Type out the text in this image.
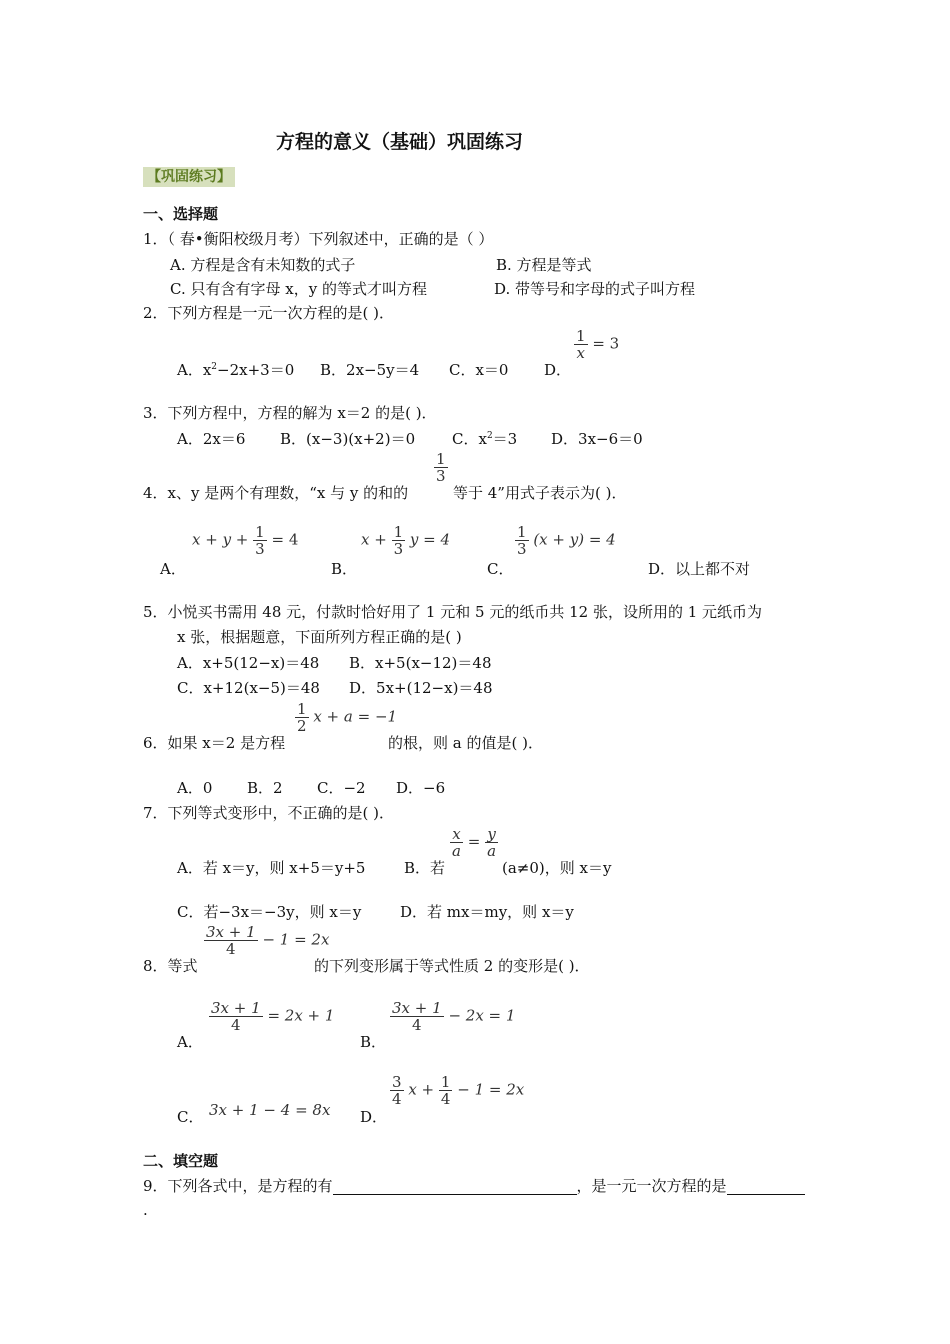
方程的意义（基础）巩固练习
【巩固练习】
一、选择题
1．（ 春•衡阳校级月考）下列叙述中，正确的是（ ）
A. 方程是含有未知数的式子	B. 方程是等式
C. 只有含有字母 x，y 的等式才叫方程	D. 带等号和字母的式子叫方程
2．下列方程是一元一次方程的是( )．
A．$x^2-2x+3=0$ B．2x−5y＝4 C．x＝0 D．
$\frac{1}{x} = 3$
3．下列方程中，方程的解为 x＝2 的是( )．
A．2x＝6 B．(x−3)(x+2)＝0 C．$x^2=3$ D．3x−6＝0
4．x、y 是两个有理数，“x 与 y 的和的
$\frac{1}{3}$
等于 4”用式子表示为( )．
A．
$x + y + \frac{1}{3} = 4$
B．
$x + \frac{1}{3}$ y = 4
C．
$\frac{1}{3} (x + y) = 4$
D．以上都不对
5．小悦买书需用 48 元，付款时恰好用了 1 元和 5 元的纸币共 12 张，设所用的 1 元纸币为
x 张，根据题意，下面所列方程正确的是( )
A．x+5(12−x)＝48 B．x+5(x−12)＝48
C．x+12(x−5)＝48 D．5x+(12−x)＝48
6．如果 x＝2 是方程
$\frac{1}{2}$ x + a = −1
的根，则 a 的值是( )．
A．0 B．2 C．−2 D．−6
7．下列等式变形中，不正确的是( )．
A．若 x＝y，则 x+5＝y+5	B．若
$\frac{x}{a} = \frac{y}{a}$
(a≠0)，则 x＝y
C．若−3x＝−3y，则 x＝y	D．若 mx＝my，则 x＝y
8．等式
$\frac{3x + 1}{4} - 1 = 2x$
的下列变形属于等式性质 2 的变形是( )．
A．
$\frac{3x + 1}{4} = 2x + 1$
B．
$\frac{3x + 1}{4} - 2x = 1$
C． 3x + 1 − 4 = 8x D．
$\frac{3}{4}$ $x + \frac{1}{4} - 1 = 2x$
二、填空题
9．下列各式中，是方程的有	，是一元一次方程的是
.
